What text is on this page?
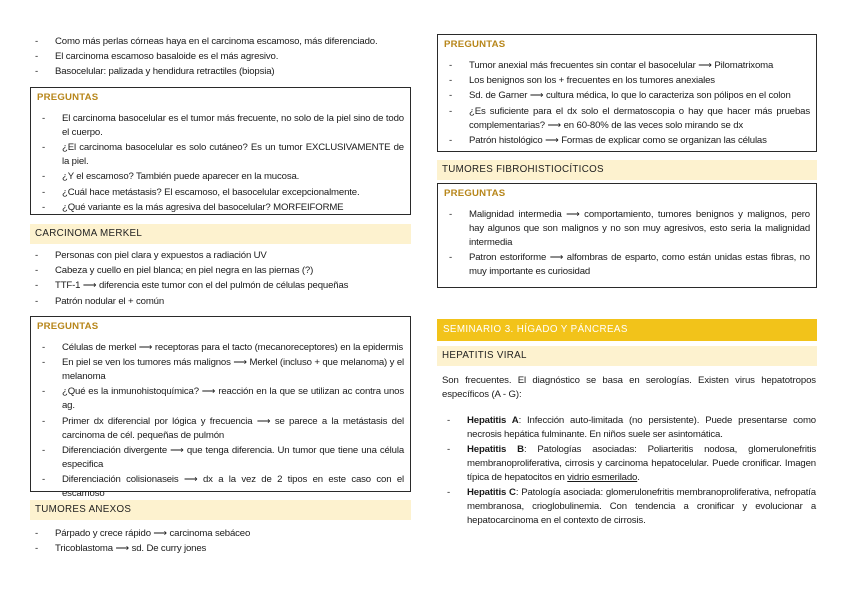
- Como más perlas córneas haya en el carcinoma escamoso, más diferenciado.
- El carcinoma escamoso basaloide es el más agresivo.
- Basocelular: palizada y hendidura retractiles (biopsia)
PREGUNTAS
- El carcinoma basocelular es el tumor más frecuente, no solo de la piel sino de todo el cuerpo.
- ¿El carcinoma basocelular es solo cutáneo? Es un tumor EXCLUSIVAMENTE de la piel.
- ¿Y el escamoso? También puede aparecer en la mucosa.
- ¿Cuál hace metástasis? El escamoso, el basocelular excepcionalmente.
- ¿Qué variante es la más agresiva del basocelular? MORFEIFORME
CARCINOMA MERKEL
- Personas con piel clara y expuestos a radiación UV
- Cabeza y cuello en piel blanca; en piel negra en las piernas (?)
- TTF-1 ⟶ diferencia este tumor con el del pulmón de células pequeñas
- Patrón nodular el + común
PREGUNTAS
- Células de merkel ⟶ receptoras para el tacto (mecanoreceptores) en la epidermis
- En piel se ven los tumores más malignos ⟶ Merkel (incluso + que melanoma) y el melanoma
- ¿Qué es la inmunohistoquímica? ⟶ reacción en la que se utilizan ac contra unos ag.
- Primer dx diferencial por lógica y frecuencia ⟶ se parece a la metástasis del carcinoma de cél. pequeñas de pulmón
- Diferenciación divergente ⟶ que tenga diferencia. Un tumor que tiene una célula especifica
- Diferenciación colisionaseis ⟶ dx a la vez de 2 tipos en este caso con el escamoso
TUMORES ANEXOS
- Párpado y crece rápido ⟶ carcinoma sebáceo
- Tricoblastoma ⟶ sd. De curry jones
PREGUNTAS
- Tumor anexial más frecuentes sin contar el basocelular ⟶ Pilomatrixoma
- Los benignos son los + frecuentes en los tumores anexiales
- Sd. de Garner ⟶ cultura médica, lo que lo caracteriza son pólipos en el colon
- ¿Es suficiente para el dx solo el dermatoscopia o hay que hacer más pruebas complementarias? ⟶ en 60-80% de las veces solo mirando se dx
- Patrón histológico ⟶ Formas de explicar como se organizan las células
TUMORES FIBROHISTIOCÍTICOS
PREGUNTAS
- Malignidad intermedia ⟶ comportamiento, tumores benignos y malignos, pero hay algunos que son malignos y no son muy agresivos, esto seria la malignidad intermedia
- Patron estoriforme ⟶ alfombras de esparto, como están unidas estas fibras, no muy importante es curiosidad
SEMINARIO 3. HÍGADO Y PÁNCREAS
HEPATITIS VIRAL
Son frecuentes. El diagnóstico se basa en serologías. Existen virus hepatotropos específicos (A - G):
- Hepatitis A: Infección auto-limitada (no persistente). Puede presentarse como necrosis hepática fulminante. En niños suele ser asintomática.
- Hepatitis B: Patologías asociadas: Poliarteritis nodosa, glomerulonefritis membranoproliferativa, cirrosis y carcinoma hepatocelular. Puede cronificar. Imagen típica de hepatocitos en vidrio esmerilado.
- Hepatitis C: Patología asociada: glomerulonefritis membranoproliferativa, nefropatía membranosa, crioglobulinemia. Con tendencia a cronificar y evolucionar a hepatocarcinoma en el contexto de cirrosis.
